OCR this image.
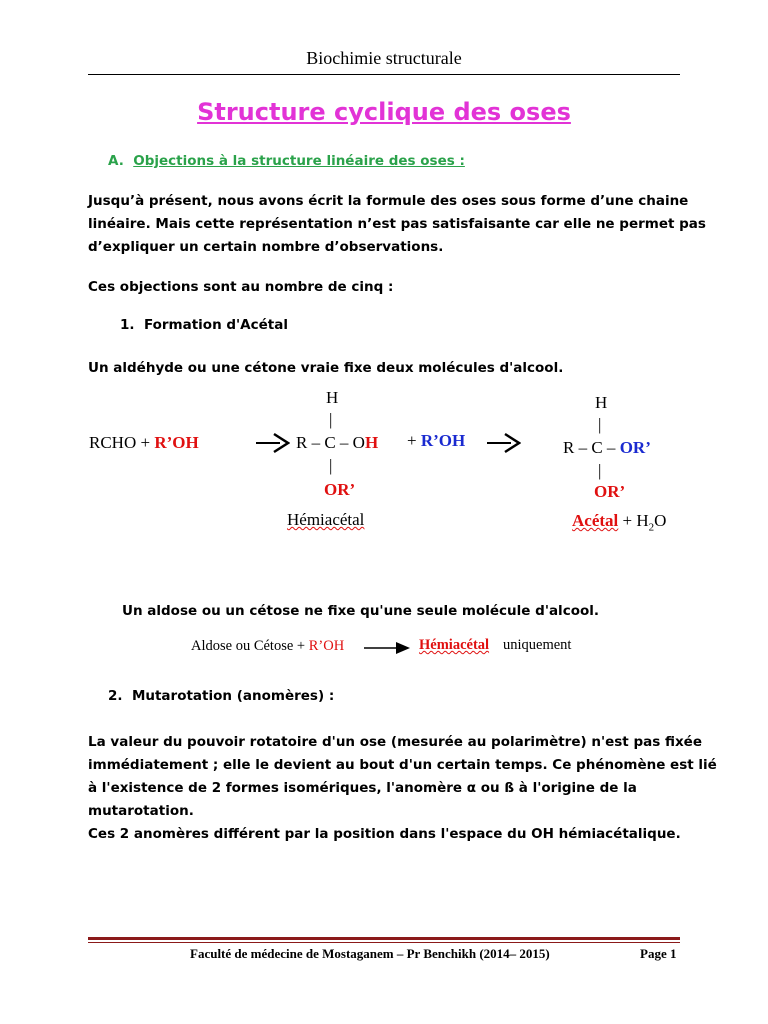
Biochimie structurale
Structure cyclique des oses
A. Objections à la structure linéaire des oses :
Jusqu’à présent, nous avons écrit la formule des oses sous forme d’une chaine
linéaire. Mais cette représentation n’est pas satisfaisante car elle ne permet pas
d’expliquer un certain nombre d’observations.
Ces objections sont au nombre de cinq :
1. Formation d'Acétal
Un aldéhyde ou une cétone vraie fixe deux molécules d'alcool.
RCHO + R’OH
H
|
R – C – OH
|
OR’
Hémiacétal
+ R’OH
H
|
R – C – OR’
|
OR’
Acétal + $H_2O$
Un aldose ou un cétose ne fixe qu'une seule molécule d'alcool.
Aldose ou Cétose + R’OH	Hémiacétal uniquement
2. Mutarotation (anomères) :
La valeur du pouvoir rotatoire d'un ose (mesurée au polarimètre) n'est pas fixée
immédiatement ; elle le devient au bout d'un certain temps. Ce phénomène est lié
à l'existence de 2 formes isomériques, l'anomère α ou ß à l'origine de la
mutarotation.
Ces 2 anomères différent par la position dans l'espace du OH hémiacétalique.
Faculté de médecine de Mostaganem – Pr Benchikh (2014– 2015)	Page 1
